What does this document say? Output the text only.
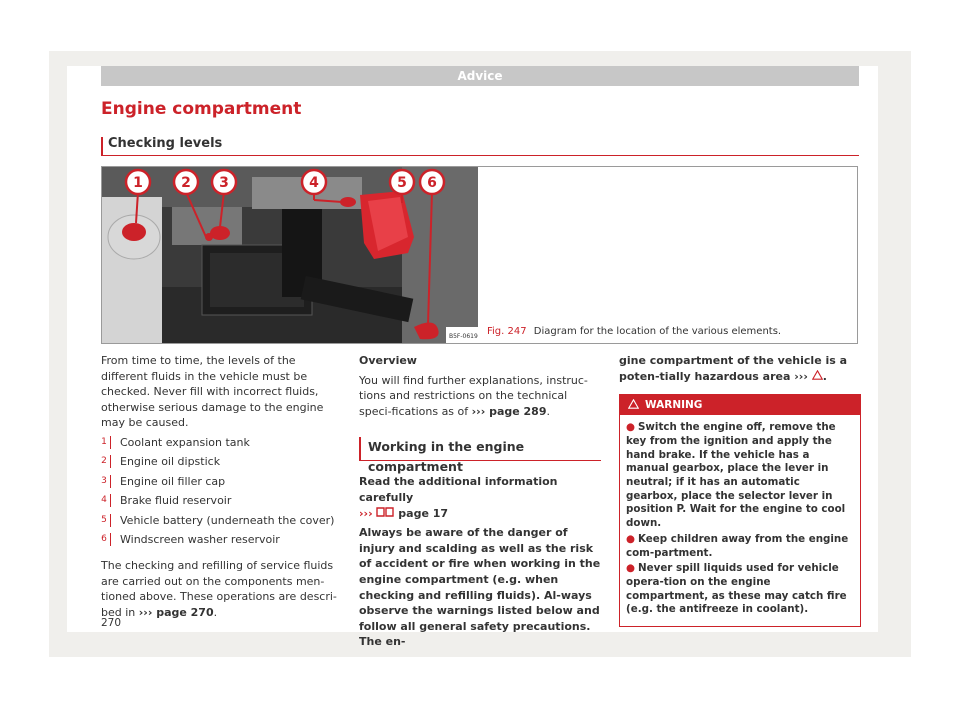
Advice
Engine compartment
Checking levels
B5F-0619
1	2 3	4	5 6
Fig. 247 Diagram for the location of the various elements.

From time to time, the levels of the different fluids in the vehicle must be checked. Never fill with incorrect fluids, otherwise serious damage to the engine may be caused.

1	Coolant expansion tank
2	Engine oil dipstick
3	Engine oil filler cap
4	Brake fluid reservoir
5	Vehicle battery (underneath the cover)
6	Windscreen washer reservoir

The checking and refilling of service fluids are carried out on the components men-tioned above. These operations are descri-bed in ››› page 270.

Overview

You will find further explanations, instruc-tions and restrictions on the technical speci-fications as of ››› page 289.

Working in the engine compartment

Read the additional information carefully
››› page 17

Always be aware of the danger of injury and scalding as well as the risk of accident or fire when working in the engine compartment (e.g. when checking and refilling fluids). Al-ways observe the warnings listed below and follow all general safety precautions. The en-

gine compartment of the vehicle is a poten-tially hazardous area ››› .

WARNING
● Switch the engine off, remove the key from the ignition and apply the hand brake. If the vehicle has a manual gearbox, place the lever in neutral; if it has an automatic gearbox, place the selector lever in position P. Wait for the engine to cool down.
● Keep children away from the engine com-partment.
● Never spill liquids used for vehicle opera-tion on the engine compartment, as these may catch fire (e.g. the antifreeze in coolant).
270
